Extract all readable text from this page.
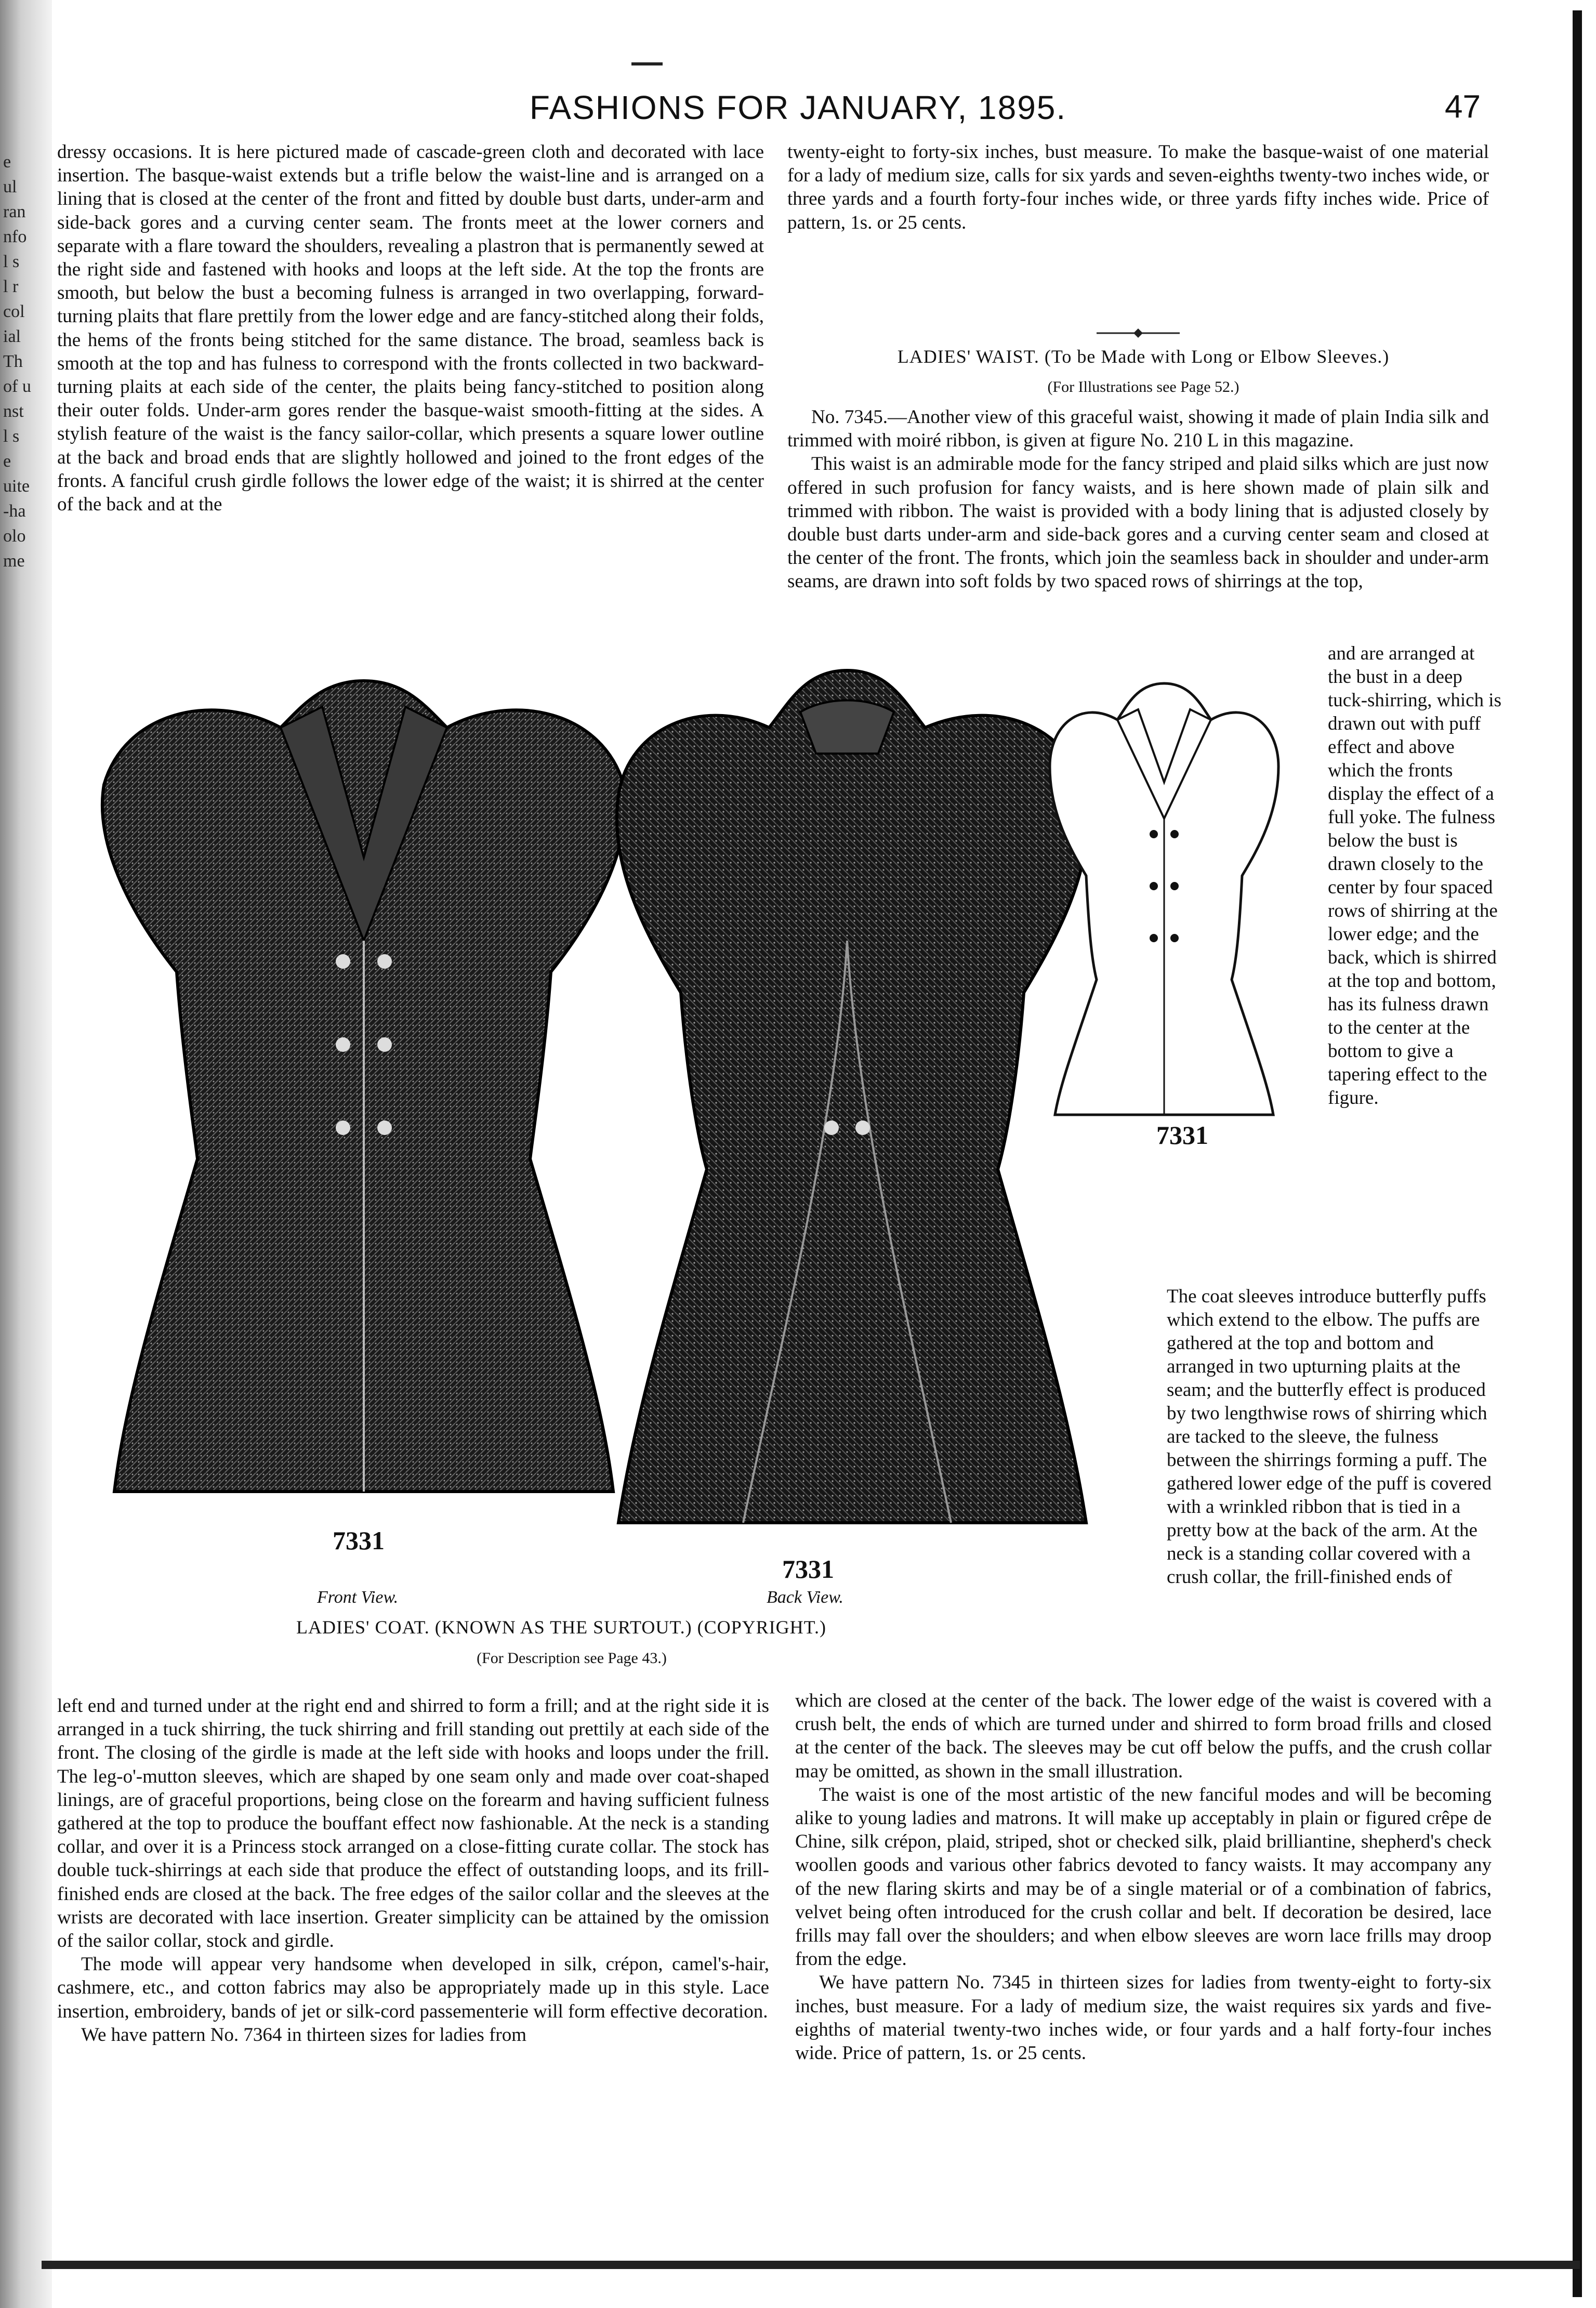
e
ul
ran
nfo
l s
l r
col
ial
Th
of u
nst
l s
e
uite
-ha
olo
me
FASHIONS FOR JANUARY, 1895.	47

dressy occasions. It is here pictured made of cascade-green cloth and decorated with lace insertion. The basque-waist extends but a trifle below the waist-line and is arranged on a lining that is closed at the center of the front and fitted by double bust darts, under-arm and side-back gores and a curving center seam. The fronts meet at the lower corners and separate with a flare toward the shoulders, revealing a plastron that is permanently sewed at the right side and fastened with hooks and loops at the left side. At the top the fronts are smooth, but below the bust a becoming fulness is arranged in two overlapping, forward-turning plaits that flare prettily from the lower edge and are fancy-stitched along their folds, the hems of the fronts being stitched for the same distance. The broad, seamless back is smooth at the top and has fulness to correspond with the fronts collected in two backward-turning plaits at each side of the center, the plaits being fancy-stitched to position along their outer folds. Under-arm gores render the basque-waist smooth-fitting at the sides. A stylish feature of the waist is the fancy sailor-collar, which presents a square lower outline at the back and broad ends that are slightly hollowed and joined to the front edges of the fronts. A fanciful crush girdle follows the lower edge of the waist; it is shirred at the center of the back and at the

twenty-eight to forty-six inches, bust measure. To make the basque-waist of one material for a lady of medium size, calls for six yards and seven-eighths twenty-two inches wide, or three yards and a fourth forty-four inches wide, or three yards fifty inches wide. Price of pattern, 1s. or 25 cents.

LADIES' WAIST. (To be Made with Long or Elbow Sleeves.)
(For Illustrations see Page 52.)

No. 7345.—Another view of this graceful waist, showing it made of plain India silk and trimmed with moiré ribbon, is given at figure No. 210 L in this magazine.

This waist is an admirable mode for the fancy striped and plaid silks which are just now offered in such profusion for fancy waists, and is here shown made of plain silk and trimmed with ribbon. The waist is provided with a body lining that is adjusted closely by double bust darts under-arm and side-back gores and a curving center seam and closed at the center of the front. The fronts, which join the seamless back in shoulder and under-arm seams, are drawn into soft folds by two spaced rows of shirrings at the top,

and are arranged at the bust in a deep tuck-shirring, which is drawn out with puff effect and above which the fronts display the effect of a full yoke. The fulness below the bust is drawn closely to the center by four spaced rows of shirring at the lower edge; and the back, which is shirred at the top and bottom, has its fulness drawn to the center at the bottom to give a tapering effect to the figure.

The coat sleeves introduce butterfly puffs which extend to the elbow. The puffs are gathered at the top and bottom and arranged in two upturning plaits at the seam; and the butterfly effect is produced by two lengthwise rows of shirring which are tacked to the sleeve, the fulness between the shirrings forming a puff. The gathered lower edge of the puff is covered with a wrinkled ribbon that is tied in a pretty bow at the back of the arm. At the neck is a standing collar covered with a crush collar, the frill-finished ends of

7331
7331
7331
Front View.	Back View.
LADIES' COAT. (KNOWN AS THE SURTOUT.) (COPYRIGHT.)
(For Description see Page 43.)

left end and turned under at the right end and shirred to form a frill; and at the right side it is arranged in a tuck shirring, the tuck shirring and frill standing out prettily at each side of the front. The closing of the girdle is made at the left side with hooks and loops under the frill. The leg-o'-mutton sleeves, which are shaped by one seam only and made over coat-shaped linings, are of graceful proportions, being close on the forearm and having sufficient fulness gathered at the top to produce the bouffant effect now fashionable. At the neck is a standing collar, and over it is a Princess stock arranged on a close-fitting curate collar. The stock has double tuck-shirrings at each side that produce the effect of outstanding loops, and its frill-finished ends are closed at the back. The free edges of the sailor collar and the sleeves at the wrists are decorated with lace insertion. Greater simplicity can be attained by the omission of the sailor collar, stock and girdle.

The mode will appear very handsome when developed in silk, crépon, camel's-hair, cashmere, etc., and cotton fabrics may also be appropriately made up in this style. Lace insertion, embroidery, bands of jet or silk-cord passementerie will form effective decoration.

We have pattern No. 7364 in thirteen sizes for ladies from

which are closed at the center of the back. The lower edge of the waist is covered with a crush belt, the ends of which are turned under and shirred to form broad frills and closed at the center of the back. The sleeves may be cut off below the puffs, and the crush collar may be omitted, as shown in the small illustration.

The waist is one of the most artistic of the new fanciful modes and will be becoming alike to young ladies and matrons. It will make up acceptably in plain or figured crêpe de Chine, silk crépon, plaid, striped, shot or checked silk, plaid brilliantine, shepherd's check woollen goods and various other fabrics devoted to fancy waists. It may accompany any of the new flaring skirts and may be of a single material or of a combination of fabrics, velvet being often introduced for the crush collar and belt. If decoration be desired, lace frills may fall over the shoulders; and when elbow sleeves are worn lace frills may droop from the edge.

We have pattern No. 7345 in thirteen sizes for ladies from twenty-eight to forty-six inches, bust measure. For a lady of medium size, the waist requires six yards and five-eighths of material twenty-two inches wide, or four yards and a half forty-four inches wide. Price of pattern, 1s. or 25 cents.
